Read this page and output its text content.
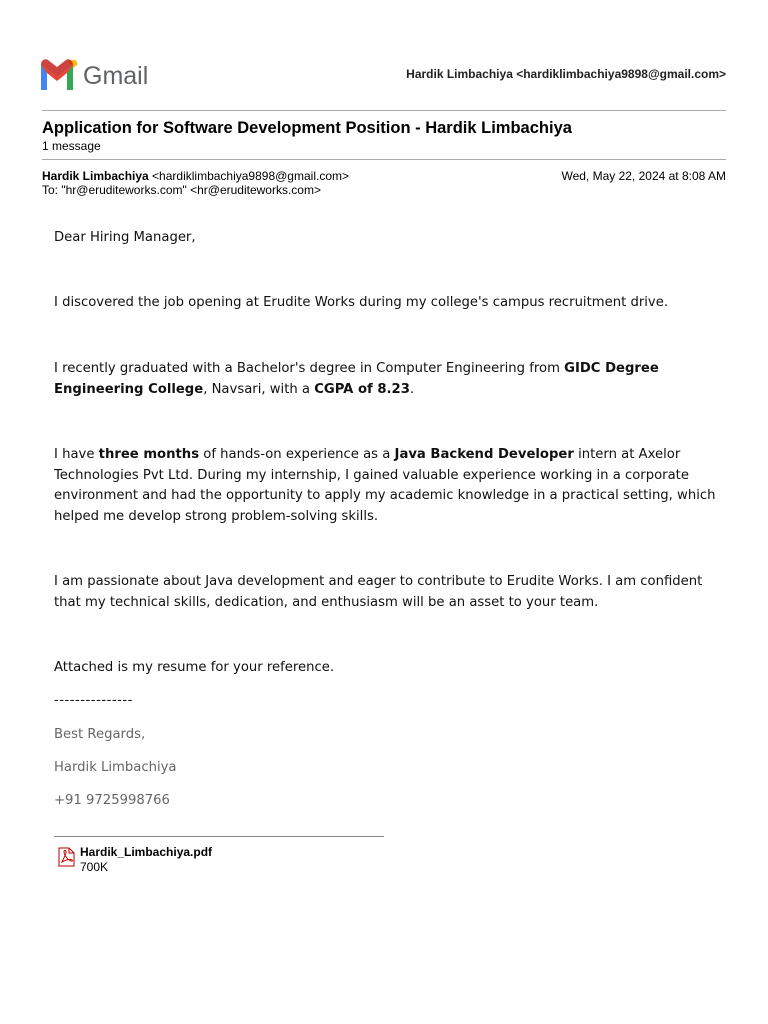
Gmail	Hardik Limbachiya <hardiklimbachiya9898@gmail.com>
Application for Software Development Position - Hardik Limbachiya
1 message
Hardik Limbachiya <hardiklimbachiya9898@gmail.com>
To: "hr@eruditeworks.com" <hr@eruditeworks.com>
Wed, May 22, 2024 at 8:08 AM

Dear Hiring Manager,

I discovered the job opening at Erudite Works during my college's campus recruitment drive.

I recently graduated with a Bachelor's degree in Computer Engineering from GIDC Degree Engineering College, Navsari, with a CGPA of 8.23.

I have three months of hands-on experience as a Java Backend Developer intern at Axelor Technologies Pvt Ltd. During my internship, I gained valuable experience working in a corporate environment and had the opportunity to apply my academic knowledge in a practical setting, which helped me develop strong problem-solving skills.

I am passionate about Java development and eager to contribute to Erudite Works. I am confident that my technical skills, dedication, and enthusiasm will be an asset to your team.

Attached is my resume for your reference.

---------------

Best Regards,

Hardik Limbachiya

+91 9725998766

Hardik_Limbachiya.pdf
700K
